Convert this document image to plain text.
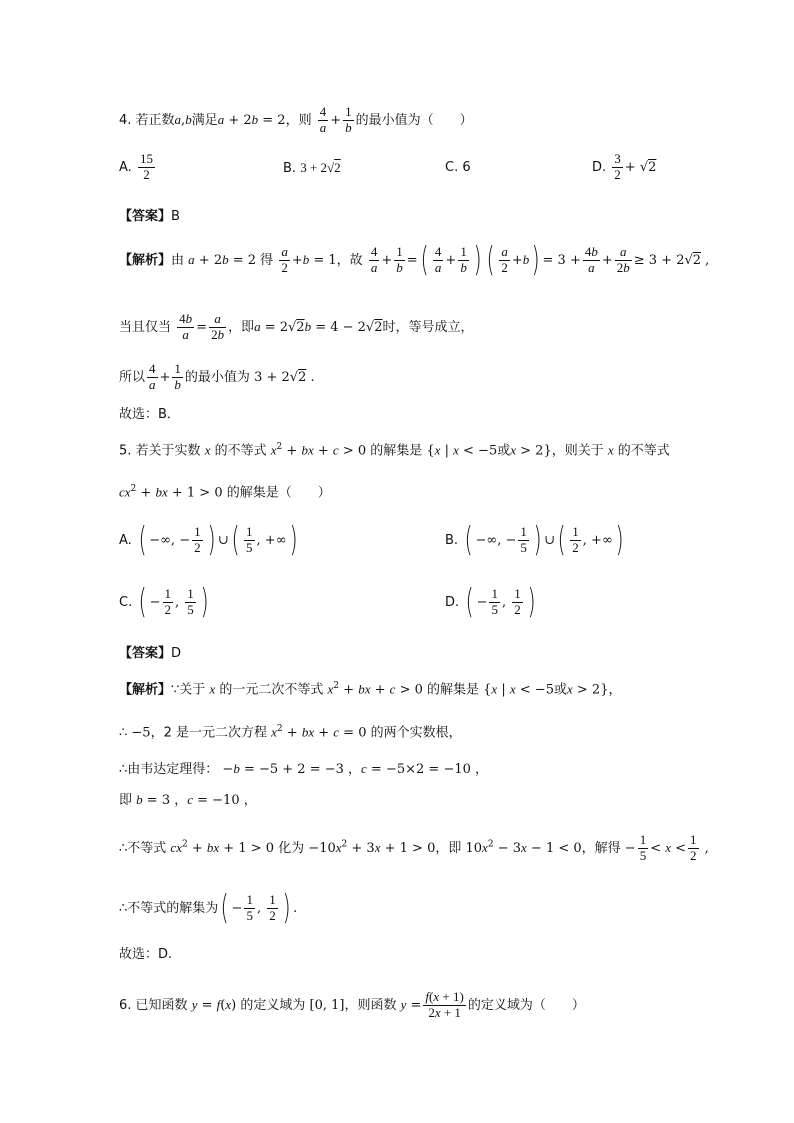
4. 若正数a,b满足a + 2b = 2，则 $\frac{4}{a} + \frac{1}{b}$ 的最小值为（　　）
A. $\frac{15}{2}$	B. 3 + 2√2	C. 6	D. $\frac{3}{2} + √2$
【答案】B
【解析】由 a + 2b = 2 得 $\frac{a}{2} +b = 1$，故 $\frac{4}{a} + \frac{1}{b}$ =( $\frac{4}{a} + \frac{1}{b}$ ) ( $\frac{a}{2} +b) = 3 + \frac{4b}{a} + \frac{a}{2b} \ge 3 + 2√2$ ,
当且仅当 $\frac{4b}{a} = \frac{a}{2b}$ ，即a = 2√2b = 4 − 2√2时，等号成立，
所以 $\frac{4}{a} + \frac{1}{b}$ 的最小值为 3 + 2√2 .
故选：B．
5. 若关于实数 x 的不等式 $x^2$ + bx + c > 0 的解集是 {x | x < −5或x > 2}，则关于 x 的不等式
$cx^2$ + bx + 1 > 0 的解集是（　　）
A. ( −∞, − $\frac{1}{2}$ ) ∪( $\frac{1}{5}$ , +∞)	B. ( −∞, − $\frac{1}{5}$ ) ∪( $\frac{1}{2}$ , +∞)
C. ( − $\frac{1}{2}$ , $\frac{1}{5}$ )	D. ( − $\frac{1}{5}$ , $\frac{1}{2}$ )
【答案】D
【解析】∵关于 x 的一元二次不等式 $x^2$ + bx + c > 0 的解集是 {x | x < −5或x > 2}，
∴ −5，2 是一元二次方程 $x^2$ + bx + c = 0 的两个实数根，
∴由韦达定理得： −b = −5 + 2 = −3 ，c = −5×2 = −10 ，
即 b = 3 ，c = −10 ，
∴不等式 $cx^2$ + bx + 1 > 0 化为 $-10x^2 + 3x + 1 > 0$，即 $10x^2 - 3x - 1 < 0$，解得 − $\frac{1}{5} < x < \frac{1}{2}$ ,
∴不等式的解集为( − $\frac{1}{5}$ , $\frac{1}{2}$ ) .
故选：D.
6. 已知函数 y = f(x) 的定义域为 [0, 1]，则函数 $y = \frac{f(x + 1)}{2x + 1}$ 的定义域为（　　）
